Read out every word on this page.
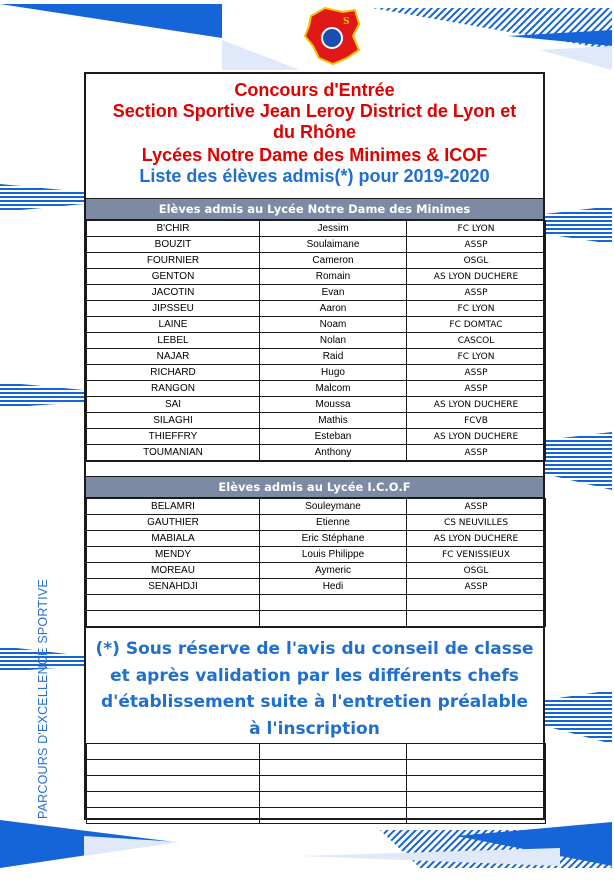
S
PARCOURS D'EXCELLENCE SPORTIVE

Concours d'Entrée

Section Sportive Jean Leroy District de Lyon et

du Rhône

Lycées Notre Dame des Minimes & ICOF

Liste des élèves admis(*) pour 2019-2020

Elèves admis au Lycée Notre Dame des Minimes
B'CHIR	Jessim	FC LYON
BOUZIT	Soulaimane	ASSP
FOURNIER	Cameron	OSGL
GENTON	Romain	AS LYON DUCHERE
JACOTIN	Evan	ASSP
JIPSSEU	Aaron	FC LYON
LAINE	Noam	FC DOMTAC
LEBEL	Nolan	CASCOL
NAJAR	Raid	FC LYON
RICHARD	Hugo	ASSP
RANGON	Malcom	ASSP
SAI	Moussa	AS LYON DUCHERE
SILAGHI	Mathis	FCVB
THIEFFRY	Esteban	AS LYON DUCHERE
TOUMANIAN	Anthony	ASSP
Elèves admis au Lycée I.C.O.F
BELAMRI	Souleymane	ASSP
GAUTHIER	Etienne	CS NEUVILLES
MABIALA	Eric Stéphane	AS LYON DUCHERE
MENDY	Louis Philippe	FC VENISSIEUX
MOREAU	Aymeric	OSGL
SENAHDJI	Hedi	ASSP

(*) Sous réserve de l'avis du conseil de classe et après validation par les différents chefs d'établissement suite à l'entretien préalable à l'inscription
